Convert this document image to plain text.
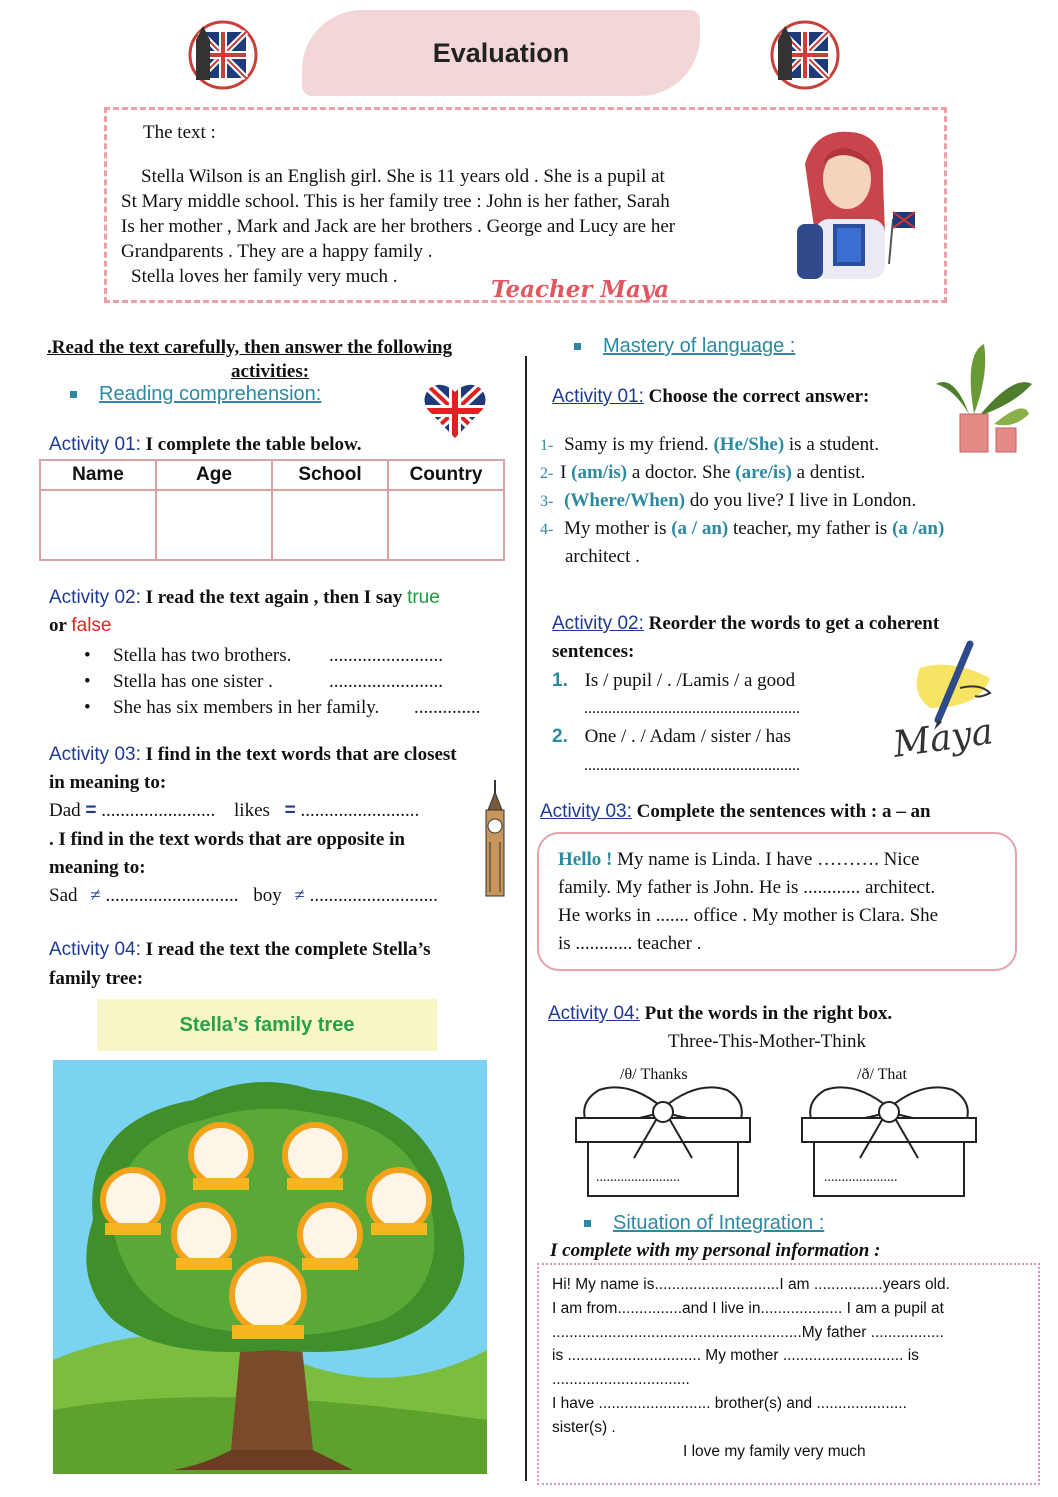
Evaluation

The text :

Stella Wilson is an English girl. She is 11 years old . She is a pupil at

St Mary middle school. This is her family tree : John is her father, Sarah

Is her mother , Mark and Jack are her brothers . George and Lucy are her

Grandparents . They are a happy family .

Stella loves her family very much .	Teacher Maya
.Read the text carefully, then answer the following
activities:
Reading comprehension:
Activity 01: I complete the table below.
Name	Age	School	Country

Activity 02: I read the text again , then I say true
or false
• Stella has two brothers. ........................
• Stella has one sister .	........................
• She has six members in her family. ..............
Activity 03: I find in the text words that are closest
in meaning to:
Dad = ........................ likes = .........................
. I find in the text words that are opposite in
meaning to:
Sad ≠ ............................ boy ≠ ...........................
Activity 04: I read the text the complete Stella’s
family tree:
Stella’s family tree
Mastery of language :
Activity 01: Choose the correct answer:
1- Samy is my friend. (He/She) is a student.
2- I (am/is) a doctor. She (are/is) a dentist.
3- (Where/When) do you live? I live in London.
4- My mother is (a / an) teacher, my father is (a /an)
architect .
Activity 02: Reorder the words to get a coherent
sentences:
1. Is / pupil / . /Lamis / a good
......................................................
2. One / . / Adam / sister / has
......................................................	Maya
Activity 03: Complete the sentences with : a – an
Hello ! My name is Linda. I have ………. Nice
family. My father is John. He is ............ architect.
He works in ....... office . My mother is Clara. She
is ............ teacher .
Activity 04: Put the words in the right box.
Three-This-Mother-Think
/θ/ Thanks	/ð/ That
........................	.....................
Situation of Integration :
I complete with my personal information :
Hi! My name is.............................I am ................years old.
I am from...............and I live in................... I am a pupil at
..........................................................My father .................
is ............................... My mother ............................ is
................................
I have .......................... brother(s) and .....................
sister(s) .
I love my family very much
